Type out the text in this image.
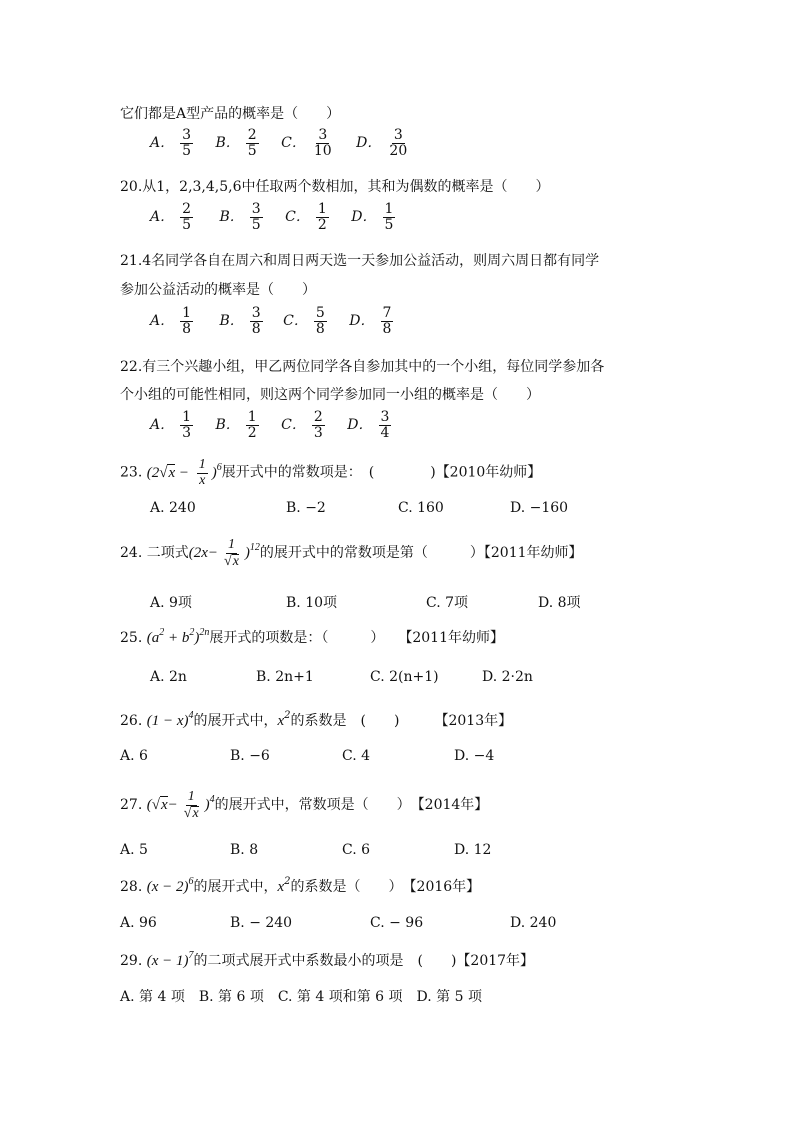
它们都是A型产品的概率是（　　）
A． $\frac{3}{5}$ B． $\frac{2}{5}$ C． $\frac{3}{10}$ D． $\frac{3}{20}$
20.从1，2,3,4,5,6中任取两个数相加，其和为偶数的概率是（　　）
A． $\frac{2}{5}$ B． $\frac{3}{5}$ C． $\frac{1}{2}$ D． $\frac{1}{5}$
21.4名同学各自在周六和周日两天选一天参加公益活动，则周六周日都有同学
参加公益活动的概率是（　　）
A． $\frac{1}{8}$ B． $\frac{3}{8}$ C． $\frac{5}{8}$ D． $\frac{7}{8}$
22.有三个兴趣小组，甲乙两位同学各自参加其中的一个小组，每位同学参加各
个小组的可能性相同，则这两个同学参加同一小组的概率是（　　）
A． $\frac{1}{3}$ B． $\frac{1}{2}$ C． $\frac{2}{3}$ D． $\frac{3}{4}$
23. $(2√x - \frac{1}{x} )^6$展开式中的常数项是：　(　　　　)【2010年幼师】
A. 240	B. −2	C. 160	D. −160
24. 二项式$(2x- \frac{1}{√x} )^{12}$的展开式中的常数项是第（　　　）【2011年幼师】
A. 9项	B. 10项	C. 7项	D. 8项
25. $(a^2 + b^2)^{2n}$展开式的项数是：（　　　）　　【2011年幼师】
A. 2n	B. 2n+1	C. 2(n+1)	D. 2·2n
26. $(1 - x)^4$的展开式中，$x^2$的系数是　(　　)　　　【2013年】
A. 6	B. −6	C. 4	D. −4
27. $(√x- \frac{1}{√x} )^4$的展开式中，常数项是（　　）　【2014年】
A. 5	B. 8	C. 6	D. 12
28. $(x - 2)^6$的展开式中，$x^2$的系数是（　　）　【2016年】
A. 96	B. − 240	C. − 96	D. 240
29. $(x - 1)^7$的二项式展开式中系数最小的项是　(　　)【2017年】
A. 第 4 项　B. 第 6 项　C. 第 4 项和第 6 项　D. 第 5 项
